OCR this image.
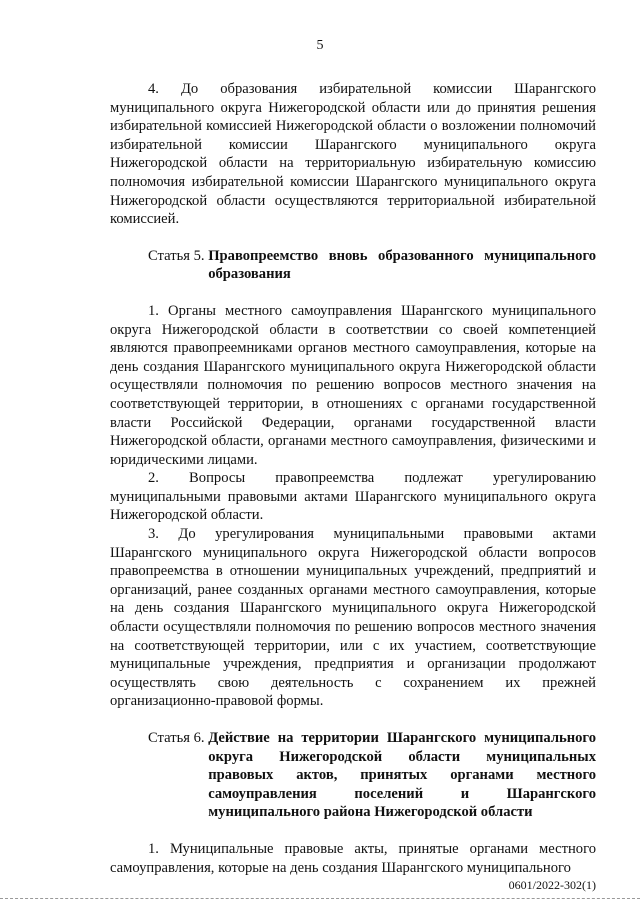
5

4. До образования избирательной комиссии Шарангского муниципального округа Нижегородской области или до принятия решения избирательной комиссией Нижегородской области о возложении полномочий избирательной комиссии Шарангского муниципального округа Нижегородской области на территориальную избирательную комиссию полномочия избирательной комиссии Шарангского муниципального округа Нижегородской области осуществляются территориальной избирательной комиссией.

Статья 5.
Правопреемство вновь образованного муниципального образования

1. Органы местного самоуправления Шарангского муниципального округа Нижегородской области в соответствии со своей компетенцией являются правопреемниками органов местного самоуправления, которые на день создания Шарангского муниципального округа Нижегородской области осуществляли полномочия по решению вопросов местного значения на соответствующей территории, в отношениях с органами государственной власти Российской Федерации, органами государственной власти Нижегородской области, органами местного самоуправления, физическими и юридическими лицами.

2. Вопросы правопреемства подлежат урегулированию муниципальными правовыми актами Шарангского муниципального округа Нижегородской области.

3. До урегулирования муниципальными правовыми актами Шарангского муниципального округа Нижегородской области вопросов правопреемства в отношении муниципальных учреждений, предприятий и организаций, ранее созданных органами местного самоуправления, которые на день создания Шарангского муниципального округа Нижегородской области осуществляли полномочия по решению вопросов местного значения на соответствующей территории, или с их участием, соответствующие муниципальные учреждения, предприятия и организации продолжают осуществлять свою деятельность с сохранением их прежней организационно-правовой формы.

Статья 6.
Действие на территории Шарангского муниципального округа Нижегородской области муниципальных правовых актов, принятых органами местного самоуправления поселений и Шарангского муниципального района Нижегородской области

1. Муниципальные правовые акты, принятые органами местного самоуправления, которые на день создания Шарангского муниципального

0601/2022-302(1)
